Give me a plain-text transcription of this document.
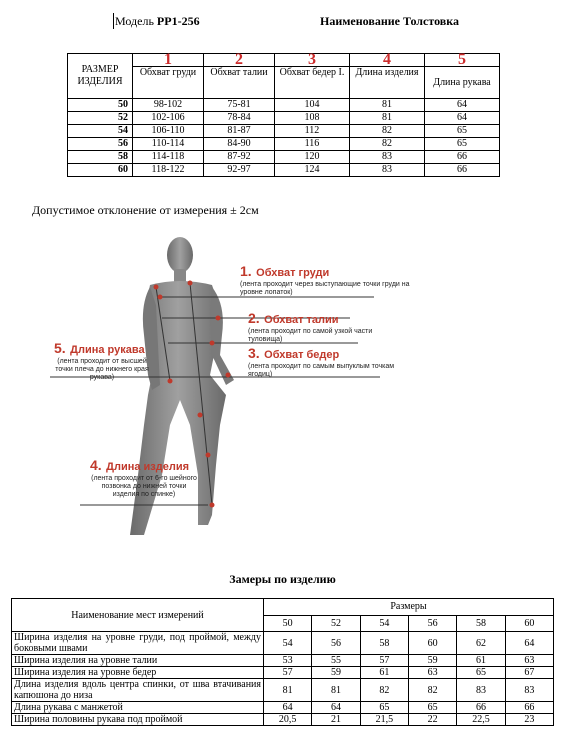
Модель РР1-256	Наименование Толстовка
РАЗМЕР
ИЗДЕЛИЯ	1	2	3	4	5
	Обхват груди	Обхват талии	Обхват бедер I.	Длина изделия	Длина рукава
50	98-102	75-81	104	81	64
52	102-106	78-84	108	81	64
54	106-110	81-87	112	82	65
56	110-114	84-90	116	82	65
58	114-118	87-92	120	83	66
60	118-122	92-97	124	83	66
Допустимое отклонение от измерения ± 2см
1. Обхват груди
(лента проходит через выступающие точки груди на уровне лопаток)
2. Обхват талии
(лента проходит по самой узкой части туловища)
3. Обхват бедер
(лента проходит по самым выпуклым точкам ягодиц)
5. Длина рукава
(лента проходит от высшей точки плеча до нижнего края рукава)
4. Длина изделия
(лента проходит от 6-го шейного позвонка до нижней точки изделия по спинке)
Замеры по изделию
Наименование мест измерений	Размеры					
	50	52	54	56	58	60
Ширина изделия на уровне груди, под проймой, между боковыми швами	54	56	58	60	62	64
Ширина изделия на уровне талии	53	55	57	59	61	63
Ширина изделия на уровне бедер	57	59	61	63	65	67
Длина изделия вдоль центра спинки, от шва втачивания капюшона до низа	81	81	82	82	83	83
Длина рукава с манжетой	64	64	65	65	66	66
Ширина половины рукава под проймой	20,5	21	21,5	22	22,5	23
